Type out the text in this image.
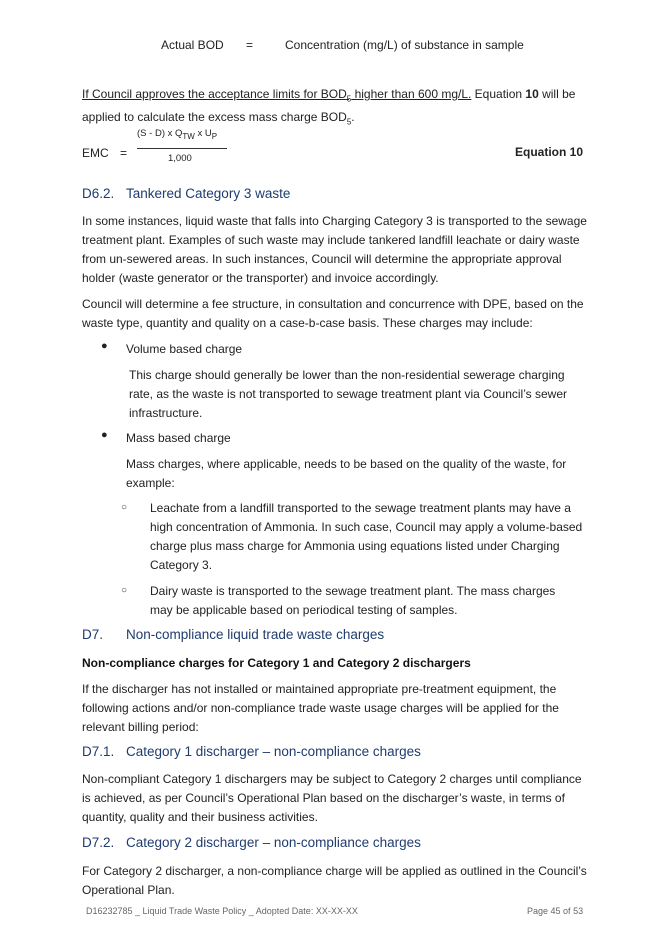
Actual BOD =	Concentration (mg/L) of substance in sample

If Council approves the acceptance limits for $BOD_5$ higher than 600 mg/L. Equation 10 will be applied to calculate the excess mass charge $BOD_5$.

EMC =
(S - D) x $Q_{TW}$ x $U_P$
1,000	Equation 10
D6.2. Tankered Category 3 waste

In some instances, liquid waste that falls into Charging Category 3 is transported to the sewage treatment plant. Examples of such waste may include tankered landfill leachate or dairy waste from un-sewered areas. In such instances, Council will determine the appropriate approval holder (waste generator or the transporter) and invoice accordingly.

Council will determine a fee structure, in consultation and concurrence with DPE, based on the waste type, quantity and quality on a case-b-case basis. These charges may include:

● Volume based charge

This charge should generally be lower than the non-residential sewerage charging rate, as the waste is not transported to sewage treatment plant via Council’s sewer infrastructure.

● Mass based charge

Mass charges, where applicable, needs to be based on the quality of the waste, for example:

○ Leachate from a landfill transported to the sewage treatment plants may have a high concentration of Ammonia. In such case, Council may apply a volume-based charge plus mass charge for Ammonia using equations listed under Charging Category 3.

○ Dairy waste is transported to the sewage treatment plant. The mass charges may be applicable based on periodical testing of samples.

D7. Non-compliance liquid trade waste charges

Non-compliance charges for Category 1 and Category 2 dischargers

If the discharger has not installed or maintained appropriate pre-treatment equipment, the following actions and/or non-compliance trade waste usage charges will be applied for the relevant billing period:

D7.1. Category 1 discharger – non-compliance charges

Non-compliant Category 1 dischargers may be subject to Category 2 charges until compliance is achieved, as per Council’s Operational Plan based on the discharger’s waste, in terms of quantity, quality and their business activities.

D7.2. Category 2 discharger – non-compliance charges

For Category 2 discharger, a non-compliance charge will be applied as outlined in the Council’s Operational Plan.

D16232785 _ Liquid Trade Waste Policy _ Adopted Date: XX-XX-XX	Page 45 of 53
